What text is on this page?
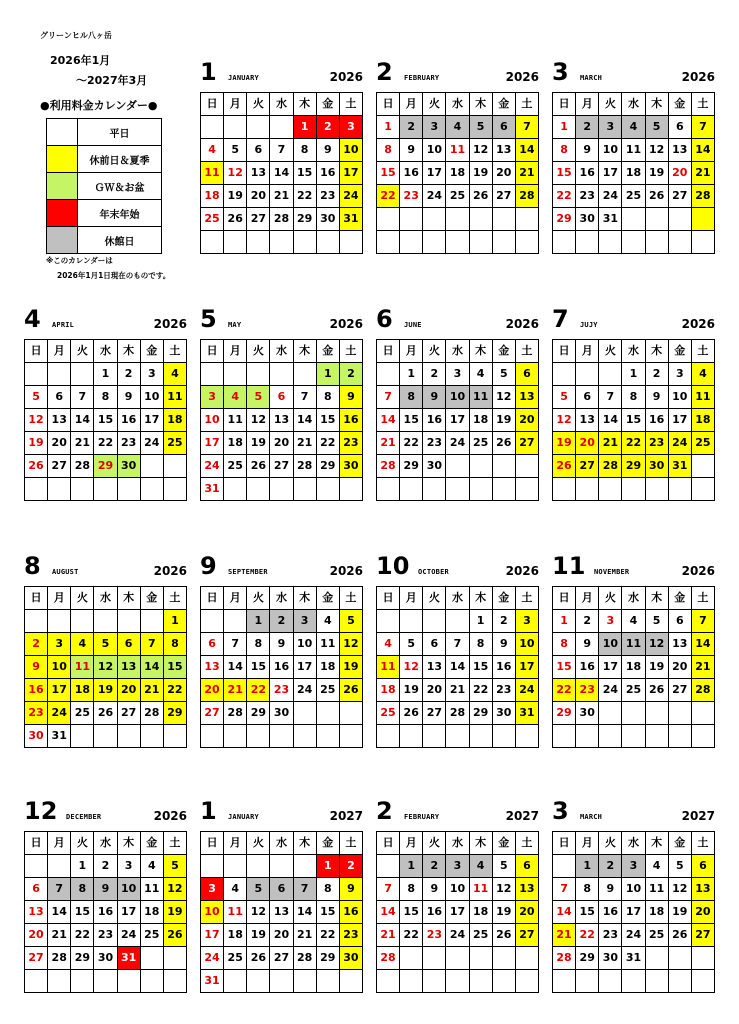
グリーンヒル八ヶ岳
2026年1月
～2027年3月
●利用料金カレンダー●
	平日
	休前日＆夏季
	ＧＷ＆お盆
	年末年始
	休館日
※このカレンダーは
2026年1月1日現在のものです。
1 JANUARY	2026
日	月	火	水	木	金	土
				1	2	3
4	5	6	7	8	9	10
11	12	13	14	15	16	17
18	19	20	21	22	23	24
25	26	27	28	29	30	31

2 FEBRUARY	2026
日	月	火	水	木	金	土
1	2	3	4	5	6	7
8	9	10	11	12	13	14
15	16	17	18	19	20	21
22	23	24	25	26	27	28

3 MARCH	2026
日	月	火	水	木	金	土
1	2	3	4	5	6	7
8	9	10	11	12	13	14
15	16	17	18	19	20	21
22	23	24	25	26	27	28
29	30	31				

4 APRIL	2026
日	月	火	水	木	金	土
			1	2	3	4
5	6	7	8	9	10	11
12	13	14	15	16	17	18
19	20	21	22	23	24	25
26	27	28	29	30		

5 MAY	2026
日	月	火	水	木	金	土
					1	2
3	4	5	6	7	8	9
10	11	12	13	14	15	16
17	18	19	20	21	22	23
24	25	26	27	28	29	30
31						
6 JUNE	2026
日	月	火	水	木	金	土
	1	2	3	4	5	6
7	8	9	10	11	12	13
14	15	16	17	18	19	20
21	22	23	24	25	26	27
28	29	30				

7 JUJY	2026
日	月	火	水	木	金	土
			1	2	3	4
5	6	7	8	9	10	11
12	13	14	15	16	17	18
19	20	21	22	23	24	25
26	27	28	29	30	31	

8 AUGUST	2026
日	月	火	水	木	金	土
						1
2	3	4	5	6	7	8
9	10	11	12	13	14	15
16	17	18	19	20	21	22
23	24	25	26	27	28	29
30	31					
9 SEPTEMBER	2026
日	月	火	水	木	金	土
		1	2	3	4	5
6	7	8	9	10	11	12
13	14	15	16	17	18	19
20	21	22	23	24	25	26
27	28	29	30			

10 OCTOBER	2026
日	月	火	水	木	金	土
				1	2	3
4	5	6	7	8	9	10
11	12	13	14	15	16	17
18	19	20	21	22	23	24
25	26	27	28	29	30	31

11 NOVEMBER	2026
日	月	火	水	木	金	土
1	2	3	4	5	6	7
8	9	10	11	12	13	14
15	16	17	18	19	20	21
22	23	24	25	26	27	28
29	30					

12 DECEMBER	2026
日	月	火	水	木	金	土
		1	2	3	4	5
6	7	8	9	10	11	12
13	14	15	16	17	18	19
20	21	22	23	24	25	26
27	28	29	30	31		

1 JANUARY	2027
日	月	火	水	木	金	土
					1	2
3	4	5	6	7	8	9
10	11	12	13	14	15	16
17	18	19	20	21	22	23
24	25	26	27	28	29	30
31						
2 FEBRUARY	2027
日	月	火	水	木	金	土
	1	2	3	4	5	6
7	8	9	10	11	12	13
14	15	16	17	18	19	20
21	22	23	24	25	26	27
28						

3 MARCH	2027
日	月	火	水	木	金	土
	1	2	3	4	5	6
7	8	9	10	11	12	13
14	15	16	17	18	19	20
21	22	23	24	25	26	27
28	29	30	31			
